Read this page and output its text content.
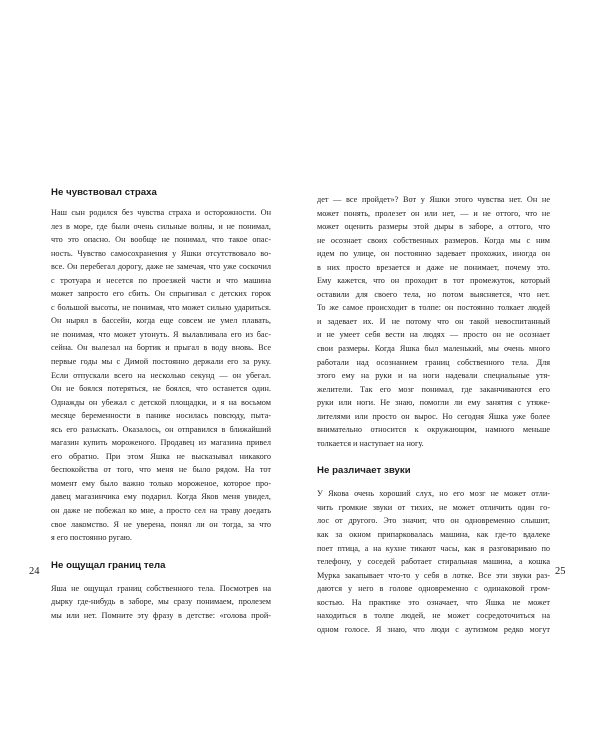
Не чувствовал страха

Наш сын родился без чувства страха и осторожности. Он
лез в море, где были очень сильные волны, и не понимал,
что это опасно. Он вообще не понимал, что такое опас-
ность. Чувство самосохранения у Яшки отсутствовало во-
все. Он перебегал дорогу, даже не замечая, что уже соскочил
с тротуара и несется по проезжей части и что машина
может запросто его сбить. Он спрыгивал с детских горок
с большой высоты, не понимая, что может сильно удариться.
Он нырял в бассейн, когда еще совсем не умел плавать,
не понимая, что может утонуть. Я вылавливала его из бас-
сейна. Он вылезал на бортик и прыгал в воду вновь. Все
первые годы мы с Димой постоянно держали его за руку.
Если отпускали всего на несколько секунд — он убегал.
Он не боялся потеряться, не боялся, что останется один.
Однажды он убежал с детской площадки, и я на восьмом
месяце беременности в панике носилась повсюду, пыта-
ясь его разыскать. Оказалось, он отправился в ближайший
магазин купить мороженого. Продавец из магазина привел
его обратно. При этом Яшка не высказывал никакого
беспокойства от того, что меня не было рядом. На тот
момент ему было важно только мороженое, которое про-
давец магазинчика ему подарил. Когда Яков меня увидел,
он даже не побежал ко мне, а просто сел на траву доедать
свое лакомство. Я не уверена, понял ли он тогда, за что
я его постоянно ругаю.

Не ощущал границ тела

Яша не ощущал границ собственного тела. Посмотрев на
дырку где-нибудь в заборе, мы сразу понимаем, пролезем
мы или нет. Помните эту фразу в детстве: «голова прой-

24

дет — все пройдет»? Вот у Яшки этого чувства нет. Он не
может понять, пролезет он или нет, — и не оттого, что не
может оценить размеры этой дыры в заборе, а оттого, что
не осознает своих собственных размеров. Когда мы с ним
идем по улице, он постоянно задевает прохожих, иногда он
в них просто врезается и даже не понимает, почему это.
Ему кажется, что он проходит в тот промежуток, который
оставили для своего тела, но потом выясняется, что нет.
То же самое происходит в толпе: он постоянно толкает людей
и задевает их. И не потому что он такой невоспитанный
и не умеет себя вести на людях — просто он не осознает
свои размеры. Когда Яшка был маленький, мы очень много
работали над осознанием границ собственного тела. Для
этого ему на руки и на ноги надевали специальные утя-
желители. Так его мозг понимал, где заканчиваются его
руки или ноги. Не знаю, помогли ли ему занятия с утяже-
лителями или просто он вырос. Но сегодня Яшка уже более
внимательно относится к окружающим, намного меньше
толкается и наступает на ногу.

Не различает звуки

У Якова очень хороший слух, но его мозг не может отли-
чить громкие звуки от тихих, не может отличить один го-
лос от другого. Это значит, что он одновременно слышит,
как за окном припарковалась машина, как где-то вдалеке
поет птица, а на кухне тикают часы, как я разговариваю по
телефону, у соседей работает стиральная машина, а кошка
Мурка закапывает что-то у себя в лотке. Все эти звуки раз-
даются у него в голове одновременно с одинаковой гром-
костью. На практике это означает, что Яшка не может
находиться в толпе людей, не может сосредоточиться на
одном голосе. Я знаю, что люди с аутизмом редко могут

25
